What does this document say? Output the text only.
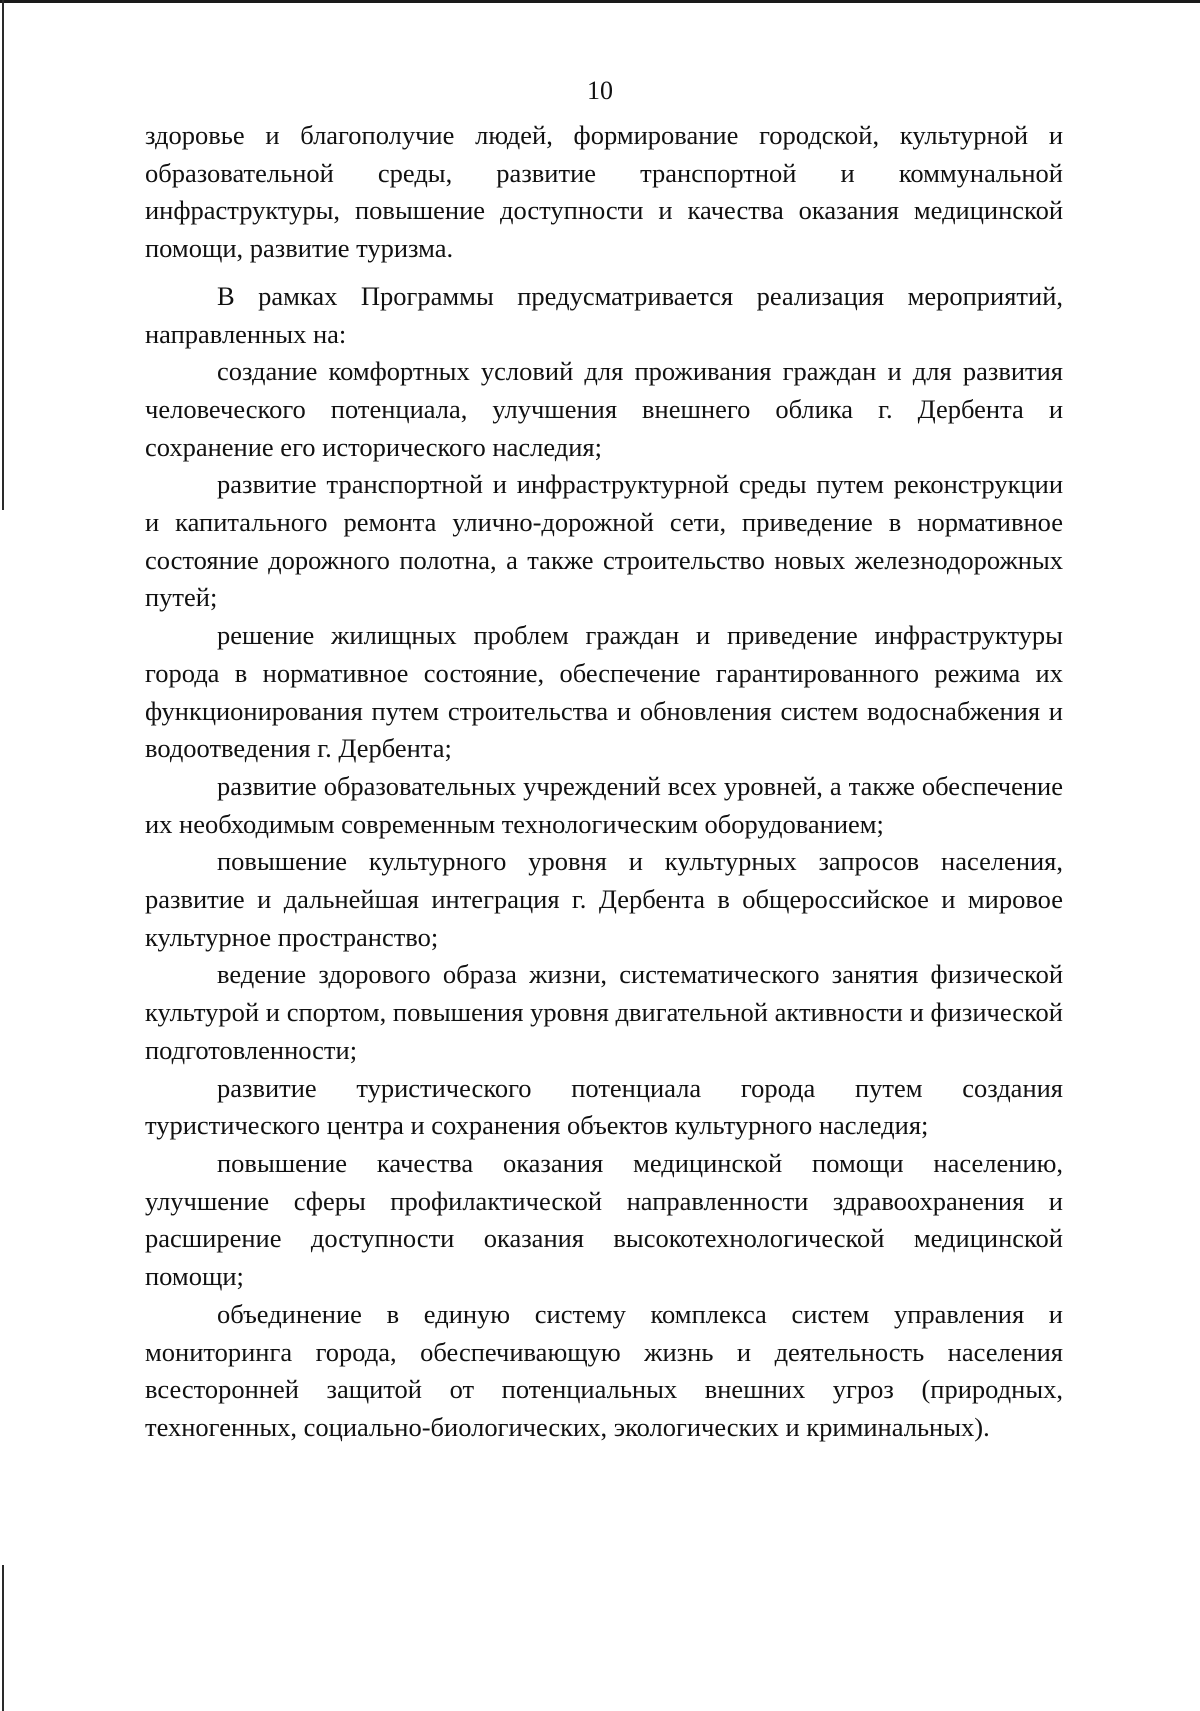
10

здоровье и благополучие людей, формирование городской, культурной и образовательной среды, развитие транспортной и коммунальной инфраструктуры, повышение доступности и качества оказания медицинской помощи, развитие туризма.

В рамках Программы предусматривается реализация мероприятий, направленных на:

создание комфортных условий для проживания граждан и для развития человеческого потенциала, улучшения внешнего облика г. Дербента и сохранение его исторического наследия;

развитие транспортной и инфраструктурной среды путем реконструкции и капитального ремонта улично-дорожной сети, приведение в нормативное состояние дорожного полотна, а также строительство новых железнодорожных путей;

решение жилищных проблем граждан и приведение инфраструктуры города в нормативное состояние, обеспечение гарантированного режима их функционирования путем строительства и обновления систем водоснабжения и водоотведения г. Дербента;

развитие образовательных учреждений всех уровней, а также обеспечение их необходимым современным технологическим оборудованием;

повышение культурного уровня и культурных запросов населения, развитие и дальнейшая интеграция г. Дербента в общероссийское и мировое культурное пространство;

ведение здорового образа жизни, систематического занятия физической культурой и спортом, повышения уровня двигательной активности и физической подготовленности;

развитие туристического потенциала города путем создания туристического центра и сохранения объектов культурного наследия;

повышение качества оказания медицинской помощи населению, улучшение сферы профилактической направленности здравоохранения и расширение доступности оказания высокотехнологической медицинской помощи;

объединение в единую систему комплекса систем управления и мониторинга города, обеспечивающую жизнь и деятельность населения всесторонней защитой от потенциальных внешних угроз (природных, техногенных, социально-биологических, экологических и криминальных).
